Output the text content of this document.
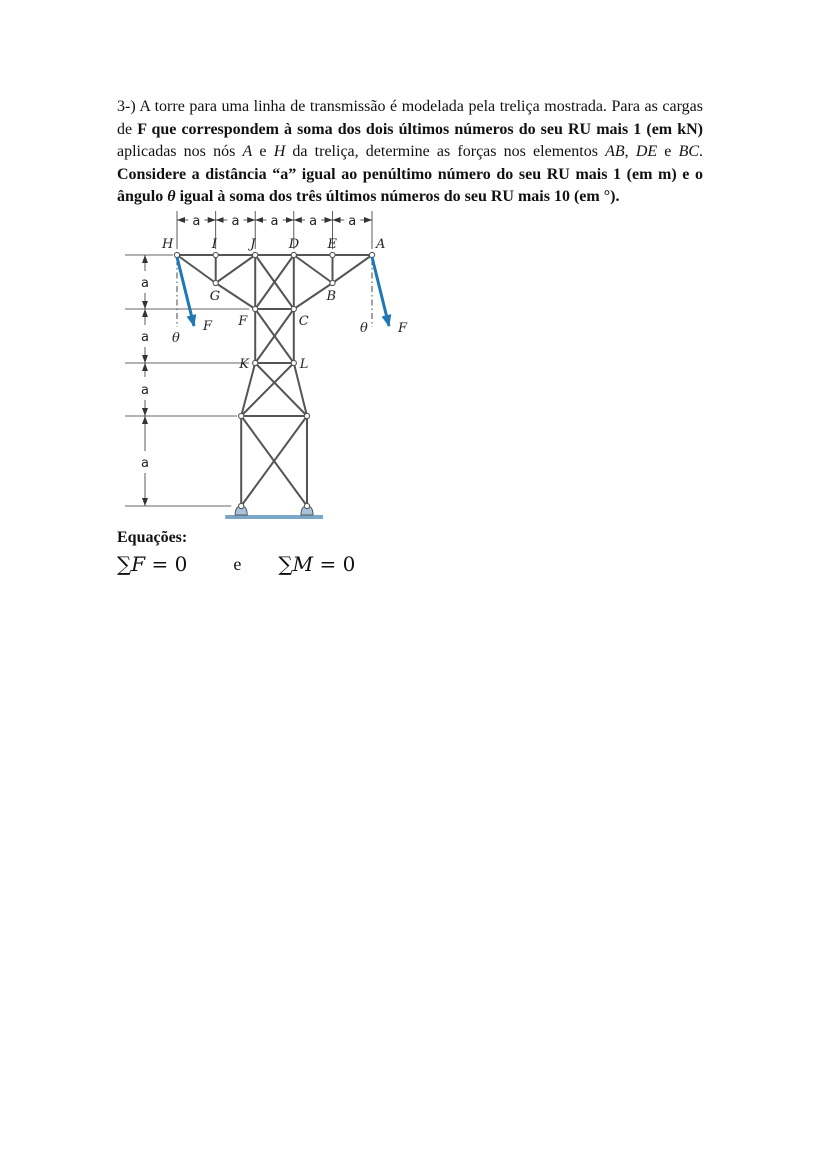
3-) A torre para uma linha de transmissão é modelada pela treliça mostrada. Para as cargas de F que correspondem à soma dos dois últimos números do seu RU mais 1 (em kN) aplicadas nos nós A e H da treliça, determine as forças nos elementos AB, DE e BC. Considere a distância “a” igual ao penúltimo número do seu RU mais 1 (em m) e o ângulo θ igual à soma dos três últimos números do seu RU mais 10 (em °).

a a a a a
a
a
a
a
H	I	J	D E	A
G	B
F	C
K	L
F	F
θ
θ

Equações:

∑F = 0	e ∑M = 0
